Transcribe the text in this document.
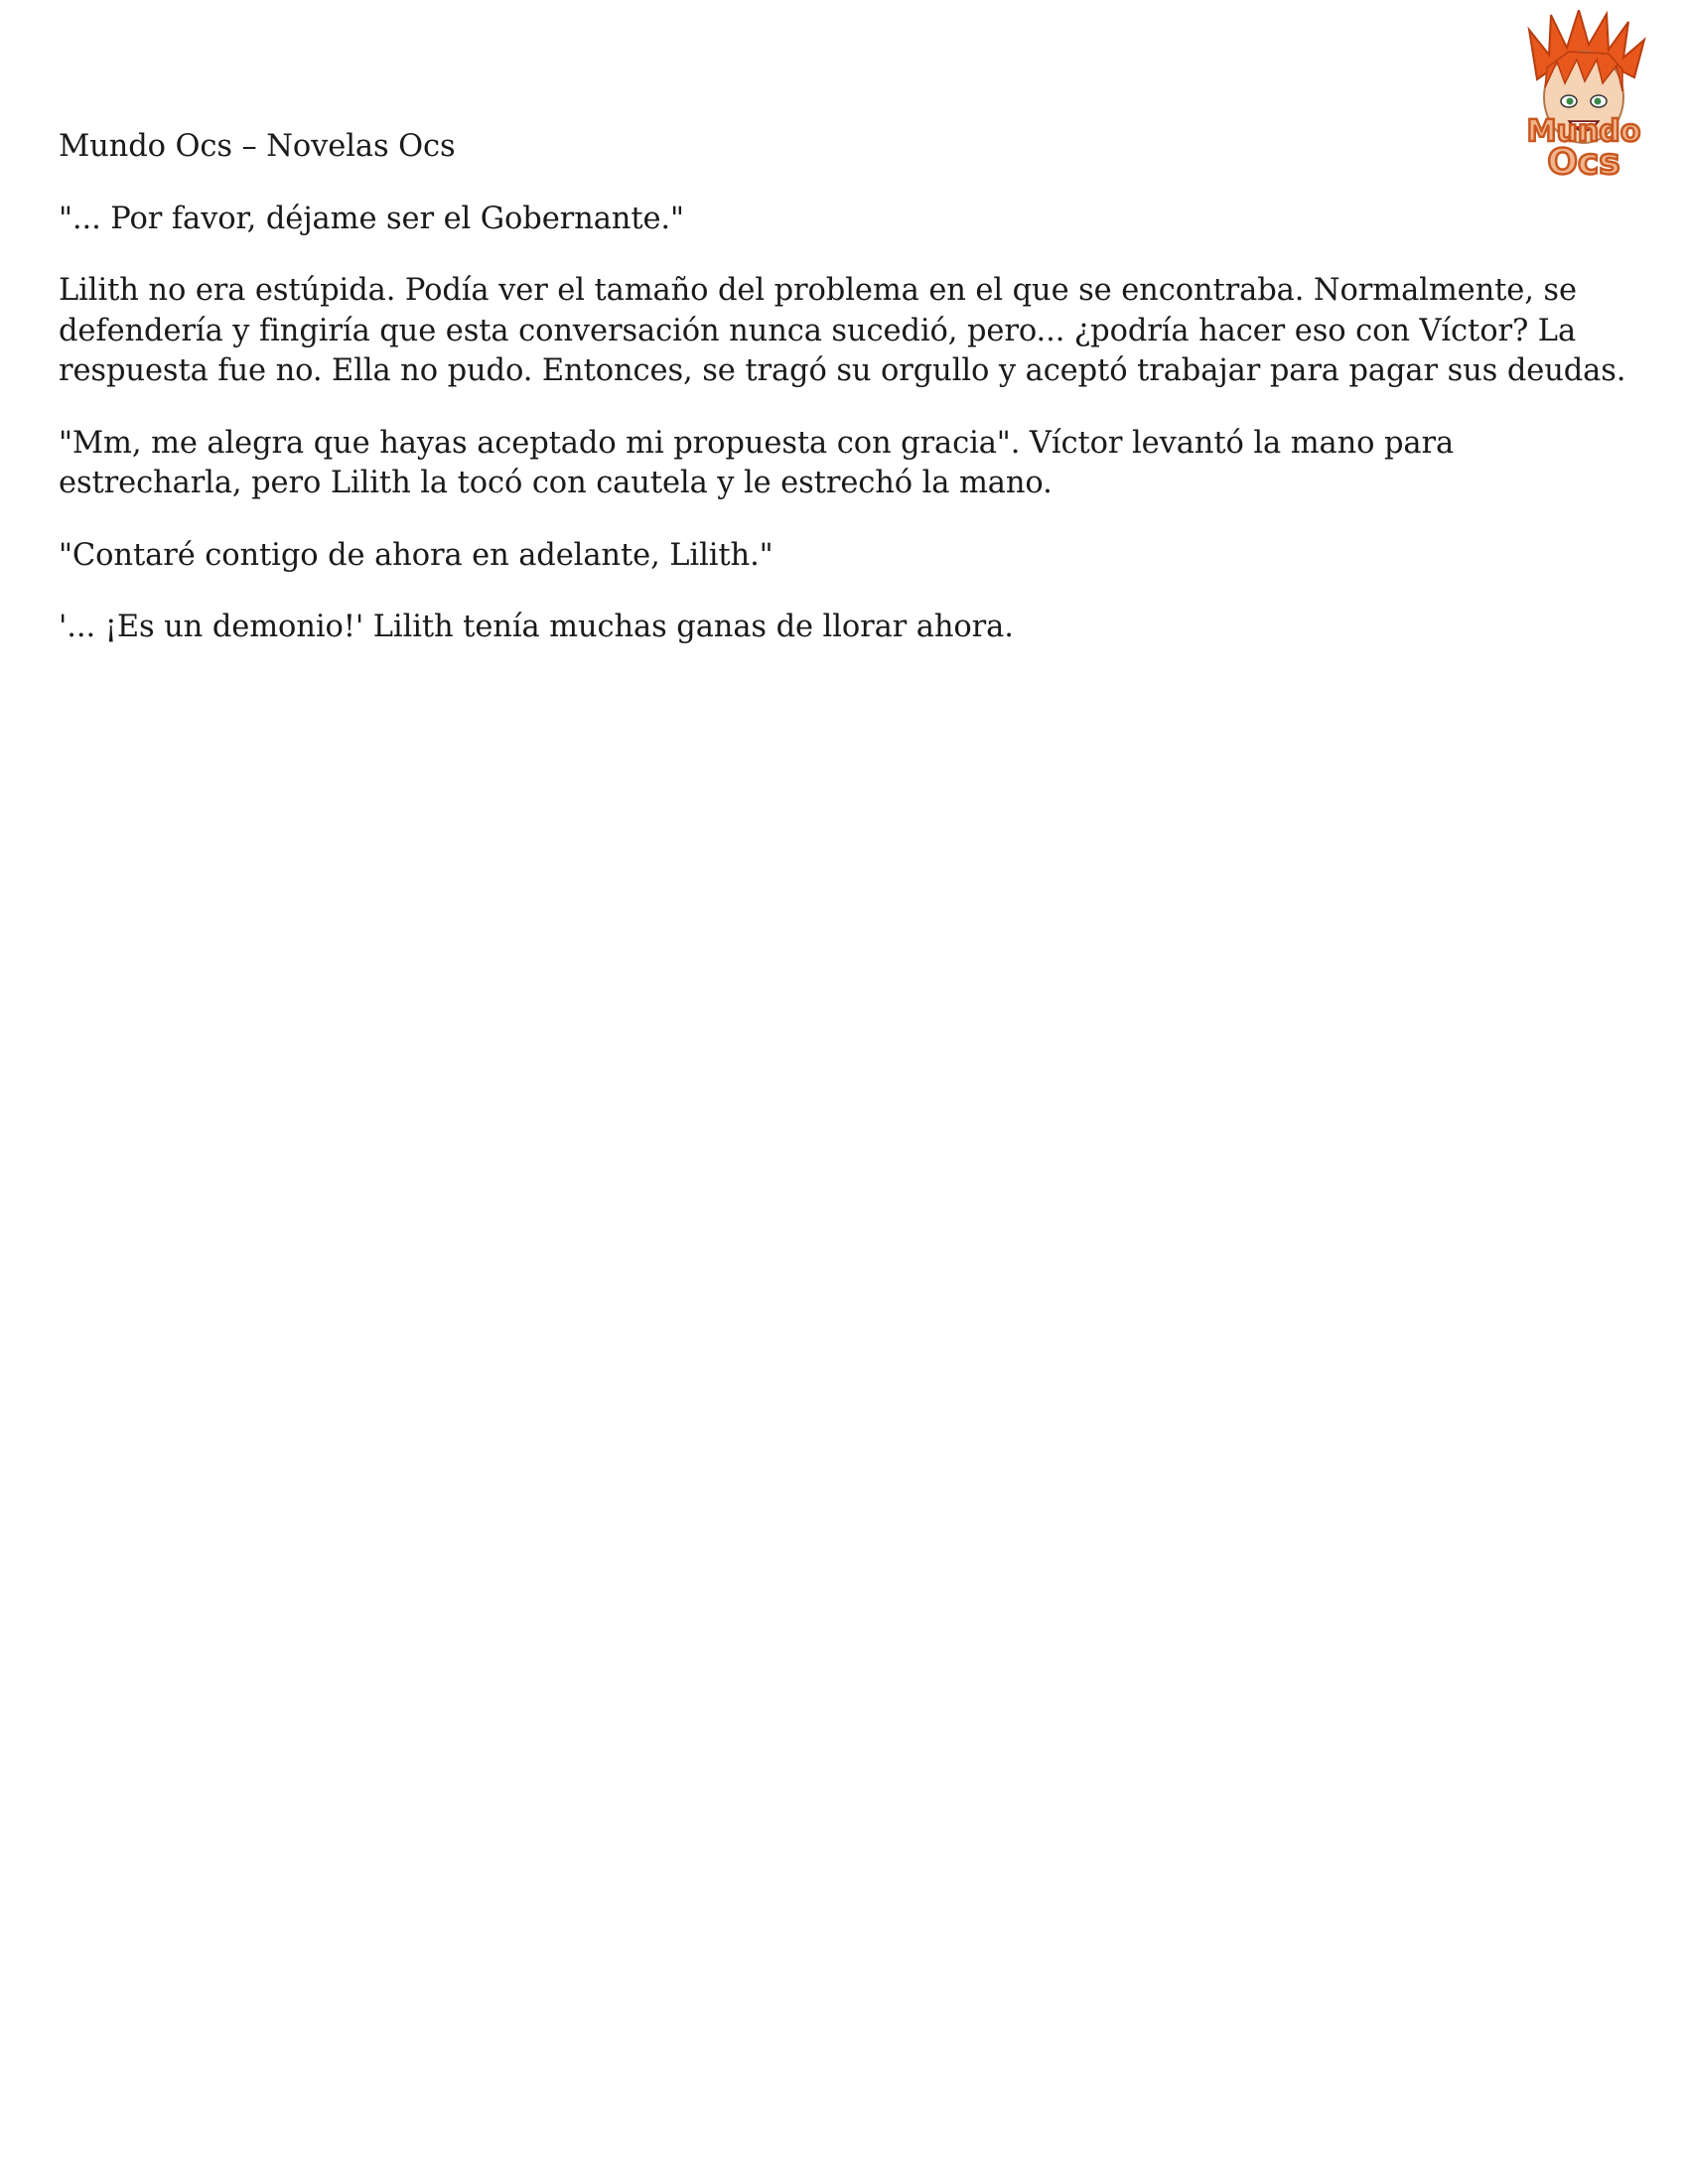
Mundo
Ocs

Mundo Ocs – Novelas Ocs

"... Por favor, déjame ser el Gobernante."

Lilith no era estúpida. Podía ver el tamaño del problema en el que se encontraba. Normalmente, se defendería y fingiría que esta conversación nunca sucedió, pero... ¿podría hacer eso con Víctor? La respuesta fue no. Ella no pudo. Entonces, se tragó su orgullo y aceptó trabajar para pagar sus deudas.

"Mm, me alegra que hayas aceptado mi propuesta con gracia". Víctor levantó la mano para estrecharla, pero Lilith la tocó con cautela y le estrechó la mano.

"Contaré contigo de ahora en adelante, Lilith."

'... ¡Es un demonio!' Lilith tenía muchas ganas de llorar ahora.
